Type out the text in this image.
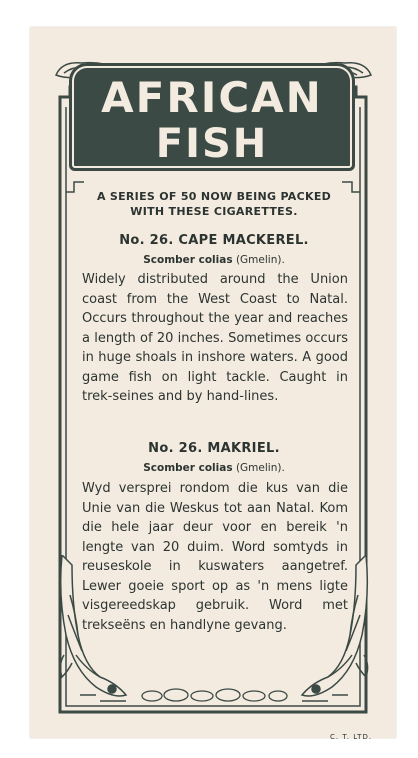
AFRICAN
FISH
A SERIES OF 50 NOW BEING PACKED
WITH THESE CIGARETTES.
No. 26. CAPE MACKEREL.
Scomber colias (Gmelin).
Widely distributed around the Union coast from the West Coast to Natal. Occurs throughout the year and reaches a length of 20 inches. Sometimes occurs in huge shoals in inshore waters. A good game fish on light tackle. Caught in trek-seines and by hand-lines.
No. 26. MAKRIEL.
Scomber colias (Gmelin).
Wyd versprei rondom die kus van die Unie van die Weskus tot aan Natal. Kom die hele jaar deur voor en bereik 'n lengte van 20 duim. Word somtyds in reuseskole in kuswaters aangetref. Lewer goeie sport op as 'n mens ligte visgereedskap gebruik. Word met trekseëns en handlyne gevang.
C. T. LTD.
